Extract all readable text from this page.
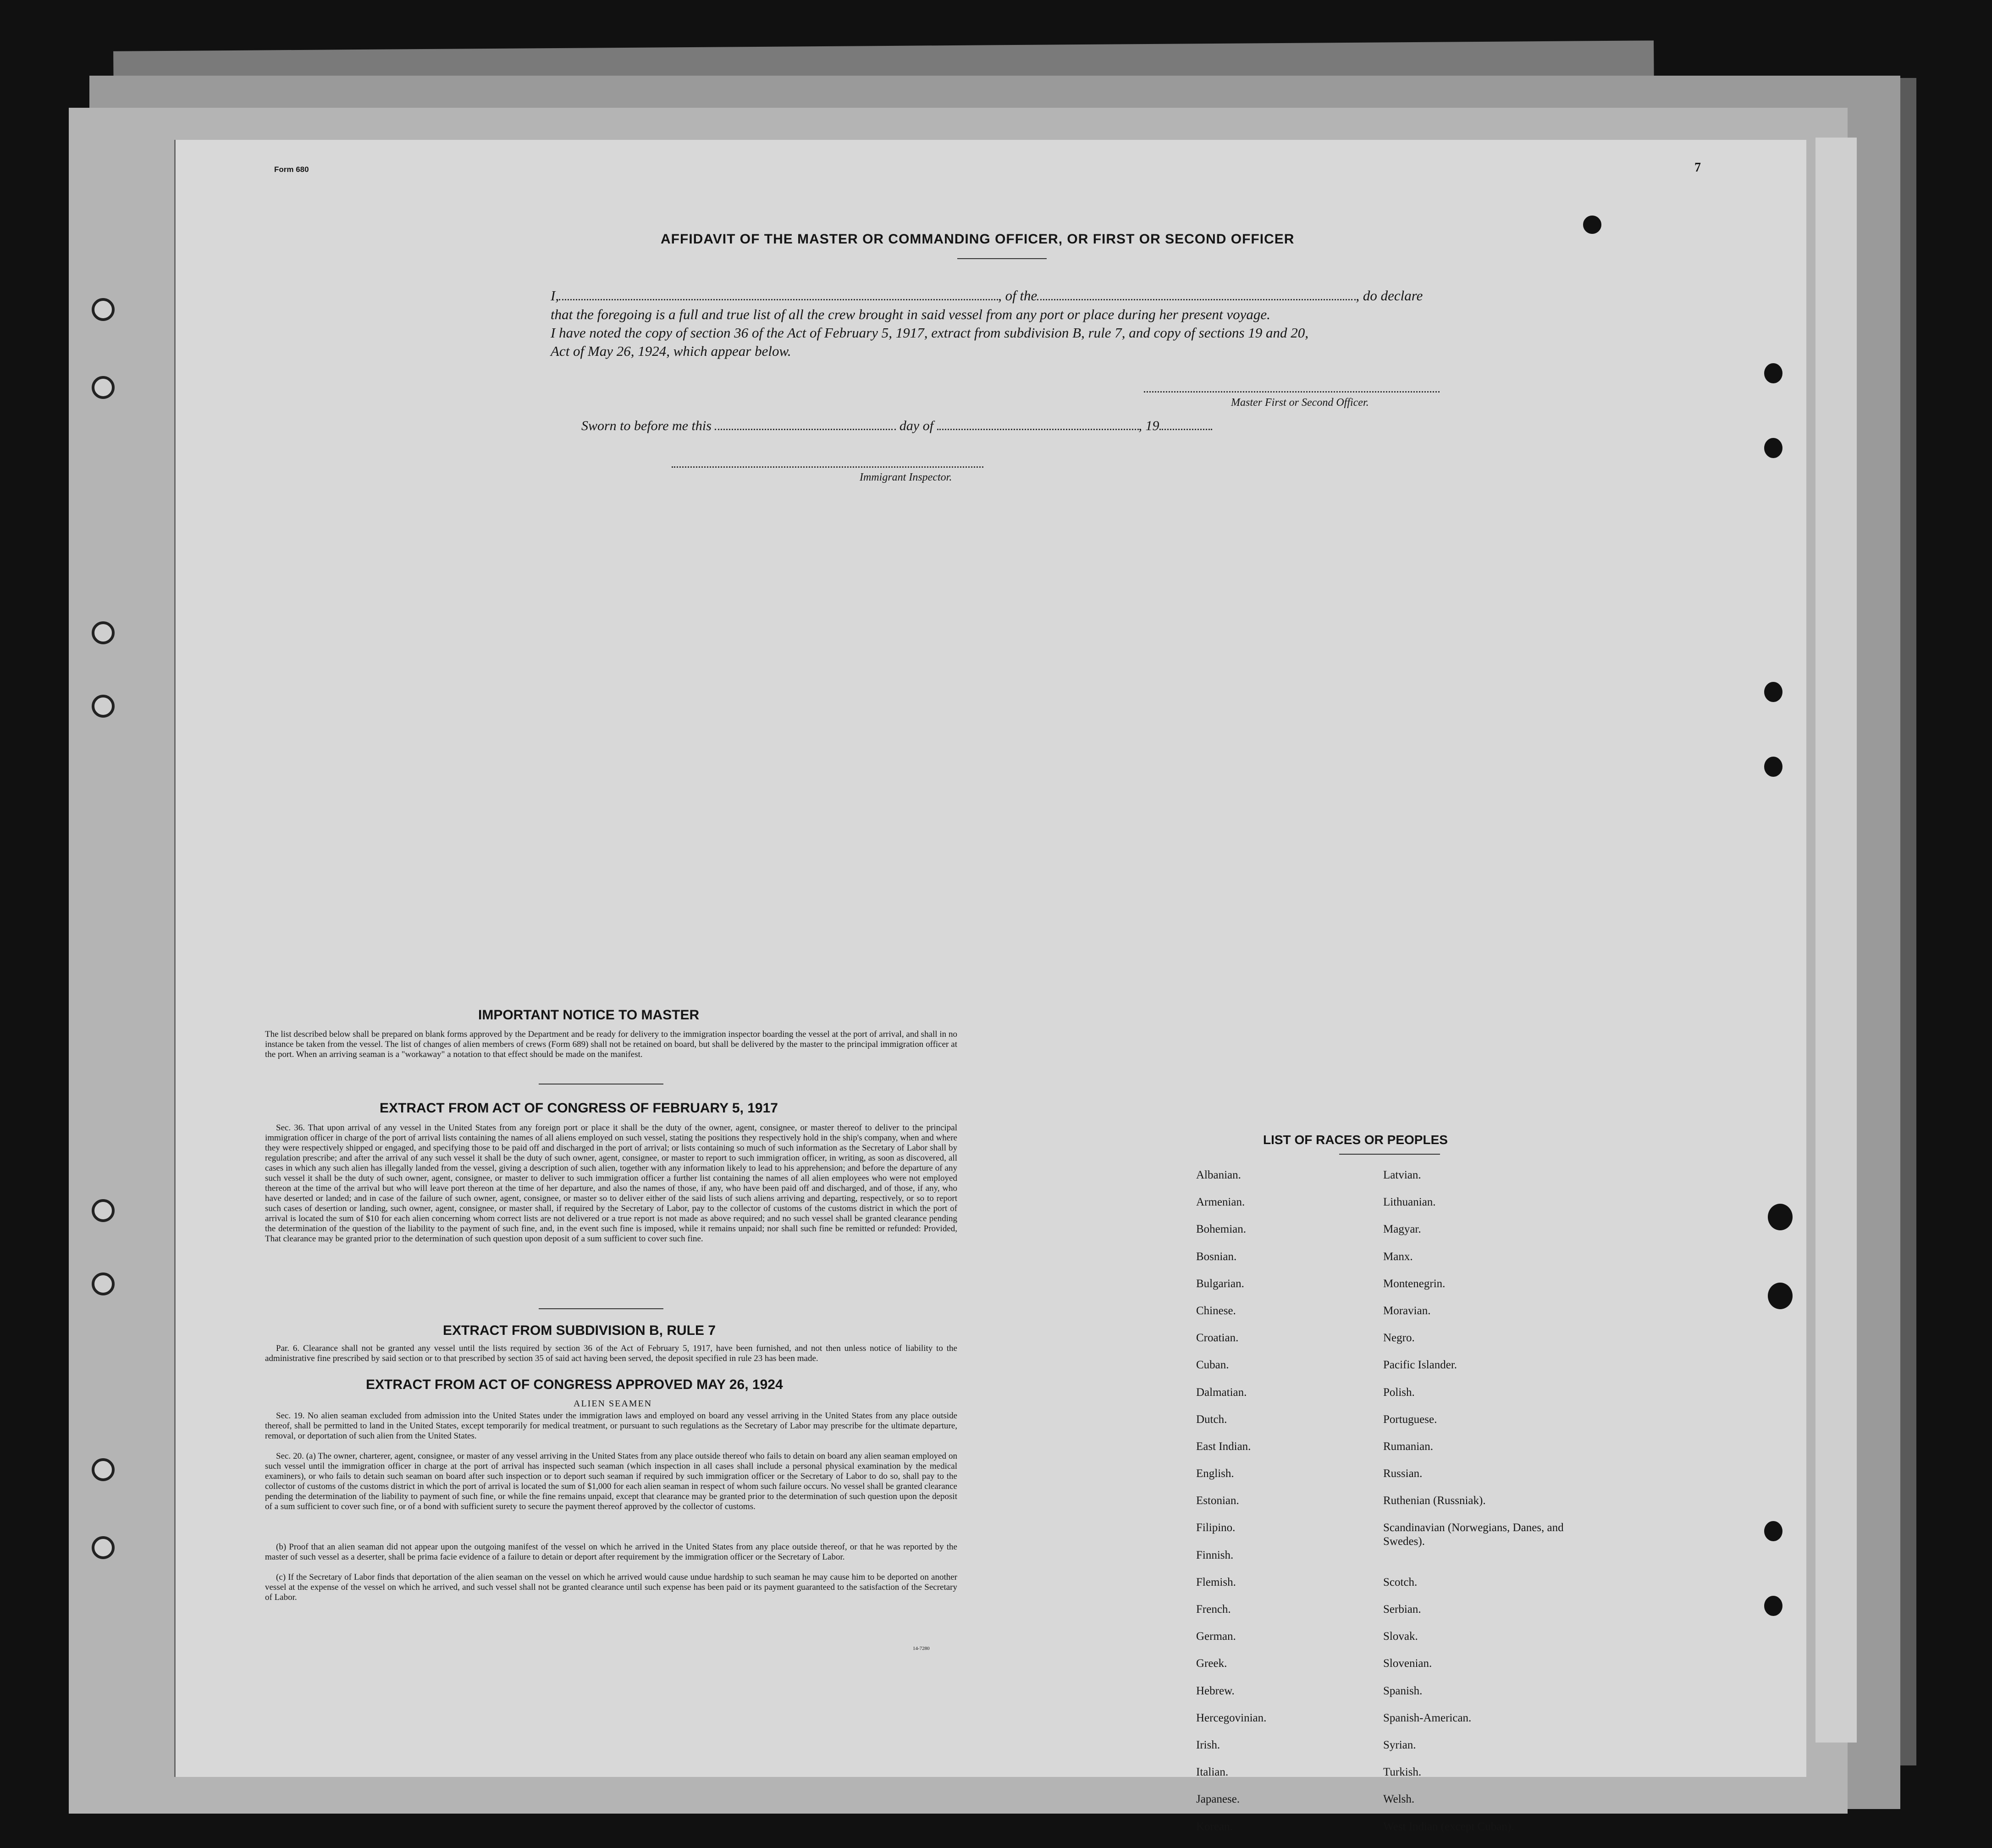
Form 680	7
AFFIDAVIT OF THE MASTER OR COMMANDING OFFICER, OR FIRST OR SECOND OFFICER
I,	, of the	, do declare
that the foregoing is a full and true list of all the crew brought in said vessel from any port or place during her present voyage.
I have noted the copy of section 36 of the Act of February 5, 1917, extract from subdivision B, rule 7, and copy of sections 19 and 20,
Act of May 26, 1924, which appear below.
Master First or Second Officer.
Sworn to before me this	day of	, 19
Immigrant Inspector.
IMPORTANT NOTICE TO MASTER
The list described below shall be prepared on blank forms approved by the Department and be ready for delivery to the immigration inspector boarding the vessel at the port of arrival, and shall in no instance be taken from the vessel. The list of changes of alien members of crews (Form 689) shall not be retained on board, but shall be delivered by the master to the principal immigration officer at the port. When an arriving seaman is a "workaway" a notation to that effect should be made on the manifest.
EXTRACT FROM ACT OF CONGRESS OF FEBRUARY 5, 1917
Sec. 36. That upon arrival of any vessel in the United States from any foreign port or place it shall be the duty of the owner, agent, consignee, or master thereof to deliver to the principal immigration officer in charge of the port of arrival lists containing the names of all aliens employed on such vessel, stating the positions they respectively hold in the ship's company, when and where they were respectively shipped or engaged, and specifying those to be paid off and discharged in the port of arrival; or lists containing so much of such information as the Secretary of Labor shall by regulation prescribe; and after the arrival of any such vessel it shall be the duty of such owner, agent, consignee, or master to report to such immigration officer, in writing, as soon as discovered, all cases in which any such alien has illegally landed from the vessel, giving a description of such alien, together with any information likely to lead to his apprehension; and before the departure of any such vessel it shall be the duty of such owner, agent, consignee, or master to deliver to such immigration officer a further list containing the names of all alien employees who were not employed thereon at the time of the arrival but who will leave port thereon at the time of her departure, and also the names of those, if any, who have been paid off and discharged, and of those, if any, who have deserted or landed; and in case of the failure of such owner, agent, consignee, or master so to deliver either of the said lists of such aliens arriving and departing, respectively, or so to report such cases of desertion or landing, such owner, agent, consignee, or master shall, if required by the Secretary of Labor, pay to the collector of customs of the customs district in which the port of arrival is located the sum of $10 for each alien concerning whom correct lists are not delivered or a true report is not made as above required; and no such vessel shall be granted clearance pending the determination of the question of the liability to the payment of such fine, and, in the event such fine is imposed, while it remains unpaid; nor shall such fine be remitted or refunded: Provided, That clearance may be granted prior to the determination of such question upon deposit of a sum sufficient to cover such fine.
EXTRACT FROM SUBDIVISION B, RULE 7
Par. 6. Clearance shall not be granted any vessel until the lists required by section 36 of the Act of February 5, 1917, have been furnished, and not then unless notice of liability to the administrative fine prescribed by said section or to that prescribed by section 35 of said act having been served, the deposit specified in rule 23 has been made.
EXTRACT FROM ACT OF CONGRESS APPROVED MAY 26, 1924
ALIEN SEAMEN
Sec. 19. No alien seaman excluded from admission into the United States under the immigration laws and employed on board any vessel arriving in the United States from any place outside thereof, shall be permitted to land in the United States, except temporarily for medical treatment, or pursuant to such regulations as the Secretary of Labor may prescribe for the ultimate departure, removal, or deportation of such alien from the United States.
Sec. 20. (a) The owner, charterer, agent, consignee, or master of any vessel arriving in the United States from any place outside thereof who fails to detain on board any alien seaman employed on such vessel until the immigration officer in charge at the port of arrival has inspected such seaman (which inspection in all cases shall include a personal physical examination by the medical examiners), or who fails to detain such seaman on board after such inspection or to deport such seaman if required by such immigration officer or the Secretary of Labor to do so, shall pay to the collector of customs of the customs district in which the port of arrival is located the sum of $1,000 for each alien seaman in respect of whom such failure occurs. No vessel shall be granted clearance pending the determination of the liability to payment of such fine, or while the fine remains unpaid, except that clearance may be granted prior to the determination of such question upon the deposit of a sum sufficient to cover such fine, or of a bond with sufficient surety to secure the payment thereof approved by the collector of customs.
(b) Proof that an alien seaman did not appear upon the outgoing manifest of the vessel on which he arrived in the United States from any place outside thereof, or that he was reported by the master of such vessel as a deserter, shall be prima facie evidence of a failure to detain or deport after requirement by the immigration officer or the Secretary of Labor.
(c) If the Secretary of Labor finds that deportation of the alien seaman on the vessel on which he arrived would cause undue hardship to such seaman he may cause him to be deported on another vessel at the expense of the vessel on which he arrived, and such vessel shall not be granted clearance until such expense has been paid or its payment guaranteed to the satisfaction of the Secretary of Labor.
14-7280
LIST OF RACES OR PEOPLES
Albanian.
Armenian.
Bohemian.
Bosnian.
Bulgarian.
Chinese.
Croatian.
Cuban.
Dalmatian.
Dutch.
East Indian.
English.
Estonian.
Filipino.
Finnish.
Flemish.
French.
German.
Greek.
Hebrew.
Hercegovinian.
Irish.
Italian.
Japanese.
Korean.
Latvian.
Lithuanian.
Magyar.
Manx.
Montenegrin.
Moravian.
Negro.
Pacific Islander.
Polish.
Portuguese.
Rumanian.
Russian.
Ruthenian (Russniak).
Scandinavian (Norwegians, Danes, and Swedes).
Scotch.
Serbian.
Slovak.
Slovenian.
Spanish.
Spanish-American.
Syrian.
Turkish.
Welsh.
West Indian (except Cuban).
